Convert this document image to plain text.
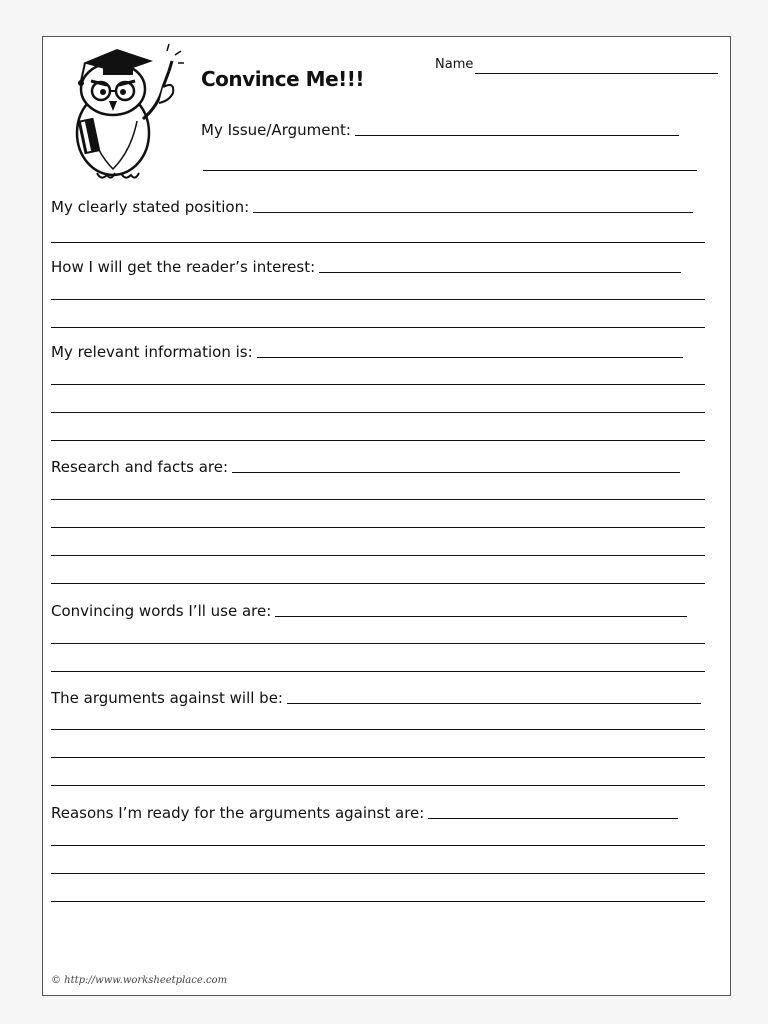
Convince Me!!!
Name
My Issue/Argument:
My clearly stated position:
How I will get the reader’s interest:
My relevant information is:
Research and facts are:
Convincing words I’ll use are:
The arguments against will be:
Reasons I’m ready for the arguments against are:
© http://www.worksheetplace.com
